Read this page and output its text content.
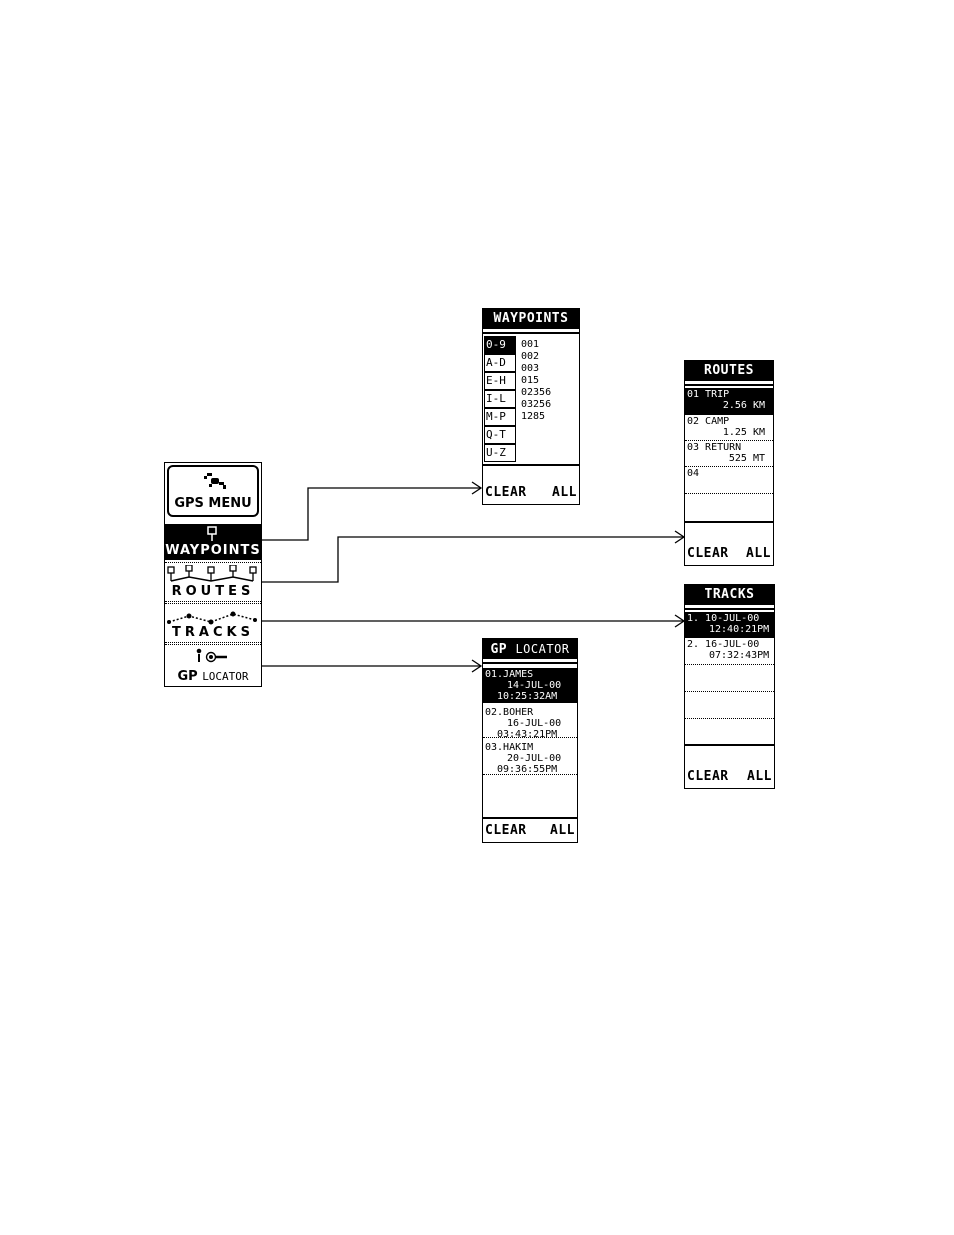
GPS MENU
WAYPOINTS
ROUTES
TRACKS
GP LOCATOR
WAYPOINTS
0-9
A-D
E-H
I-L
M-P
Q-T
U-Z
001
002
003
015
02356
03256
1285
CLEAR ALL
ROUTES
01 TRIP
2.56 KM
02 CAMP
1.25 KM
03 RETURN
525 MT
04
CLEAR ALL
TRACKS
1. 10-JUL-00
12:40:21PM
2. 16-JUL-00
07:32:43PM
CLEAR ALL
GP LOCATOR
01.JAMES
14-JUL-00
10:25:32AM
02.BOHER
16-JUL-00
03:43:21PM
03.HAKIM
20-JUL-00
09:36:55PM
CLEAR ALL
